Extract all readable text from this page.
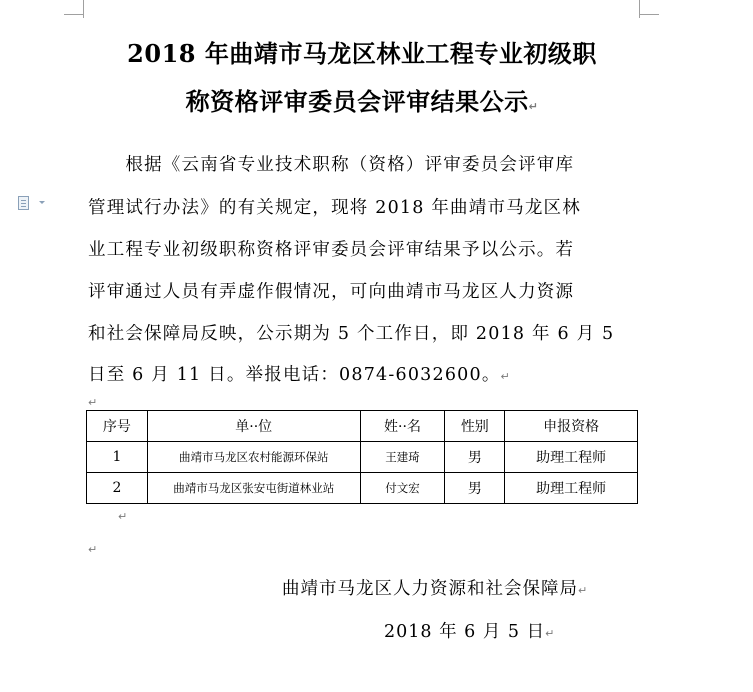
2018 年曲靖市马龙区林业工程专业初级职
称资格评审委员会评审结果公示↵
　　根据《云南省专业技术职称（资格）评审委员会评审库
管理试行办法》的有关规定，现将 2018 年曲靖市马龙区林
业工程专业初级职称资格评审委员会评审结果予以公示。若
评审通过人员有弄虚作假情况，可向曲靖市马龙区人力资源
和社会保障局反映，公示期为 5 个工作日，即 2018 年 6 月 5
日至 6 月 11 日。举报电话：0874-6032600。↵
↵
序号	单··位	姓··名	性别	申报资格
1	曲靖市马龙区农村能源环保站	王建琦	男	助理工程师
2	曲靖市马龙区张安屯街道林业站	付文宏	男	助理工程师
↵
↵
曲靖市马龙区人力资源和社会保障局↵
2018 年 6 月 5 日↵
